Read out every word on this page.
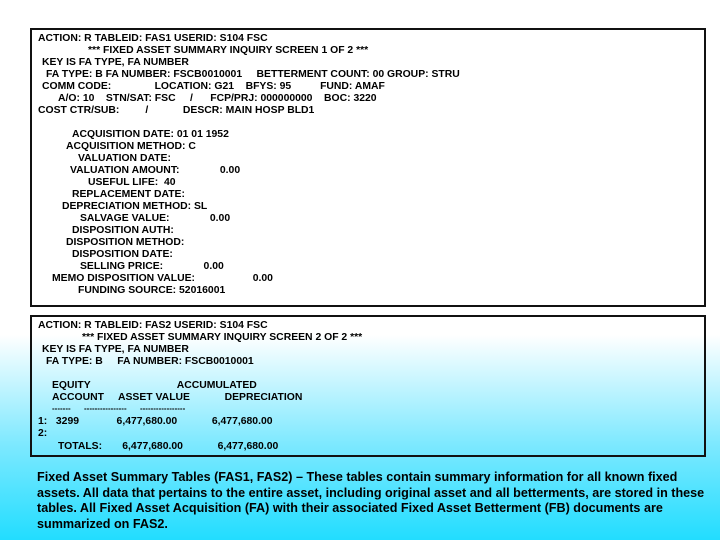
ACTION: R TABLEID: FAS1 USERID: S104 FSC
*** FIXED ASSET SUMMARY INQUIRY SCREEN 1 OF 2 ***
KEY IS FA TYPE, FA NUMBER
FA TYPE: B FA NUMBER: FSCB0010001     BETTERMENT COUNT: 00 GROUP: STRU
COMM CODE:               LOCATION: G21    BFYS: 95          FUND: AMAF
A/O: 10    STN/SAT: FSC     /      FCP/PRJ: 000000000    BOC: 3220
COST CTR/SUB:         /            DESCR: MAIN HOSP BLD1
ACQUISITION DATE: 01 01 1952
ACQUISITION METHOD: C
VALUATION DATE:
VALUATION AMOUNT:              0.00
USEFUL LIFE:  40
REPLACEMENT DATE:
DEPRECIATION METHOD: SL
SALVAGE VALUE:              0.00
DISPOSITION AUTH:
DISPOSITION METHOD:
DISPOSITION DATE:
SELLING PRICE:              0.00
MEMO DISPOSITION VALUE:                    0.00
FUNDING SOURCE: 52016001
ACTION: R TABLEID: FAS2 USERID: S104 FSC
*** FIXED ASSET SUMMARY INQUIRY SCREEN 2 OF 2 ***
KEY IS FA TYPE, FA NUMBER
FA TYPE: B     FA NUMBER: FSCB0010001
EQUITY                              ACCUMULATED
ACCOUNT     ASSET VALUE            DEPRECIATION
-------      ----------------      -----------------
1:   3299             6,477,680.00            6,477,680.00
2:
TOTALS:       6,477,680.00            6,477,680.00
Fixed Asset Summary Tables (FAS1, FAS2) – These tables contain summary information for all known fixed assets. All data that pertains to the entire asset, including original asset and all betterments, are stored in these tables. All Fixed Asset Acquisition (FA) with their associated Fixed Asset Betterment (FB) documents are summarized on FAS2.
